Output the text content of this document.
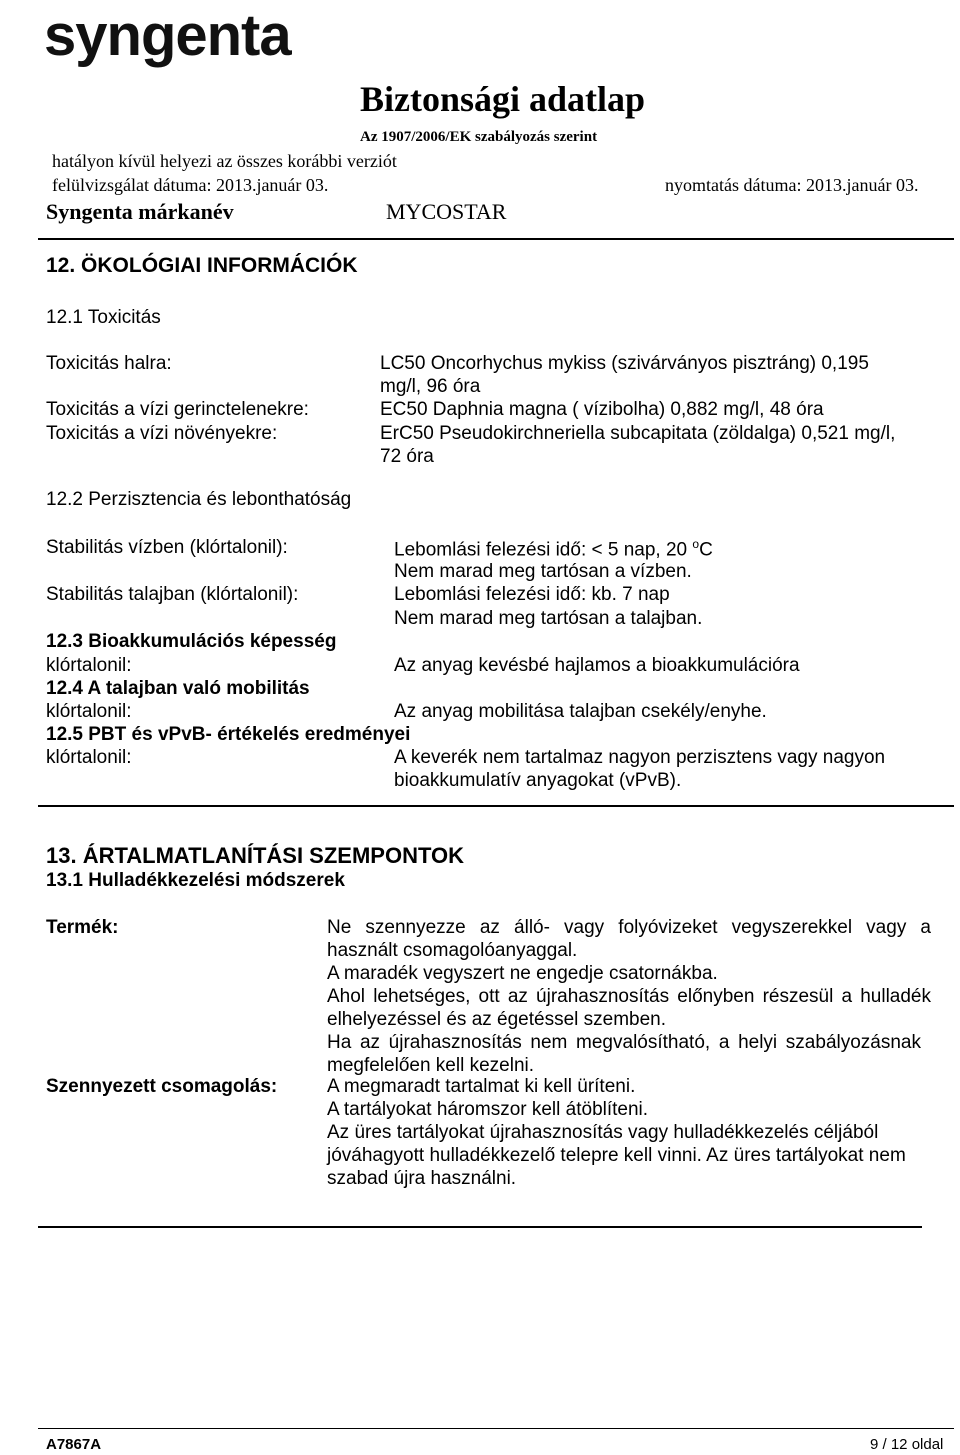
syngenta
Biztonsági adatlap
Az 1907/2006/EK szabályozás szerint
hatályon kívül helyezi az összes korábbi verziót
felülvizsgálat dátuma: 2013.január 03.	nyomtatás dátuma: 2013.január 03.
Syngenta márkanév	MYCOSTAR
12. ÖKOLÓGIAI INFORMÁCIÓK
12.1 Toxicitás
Toxicitás halra:	LC50 Oncorhychus mykiss (szivárványos pisztráng) 0,195
mg/l, 96 óra
Toxicitás a vízi gerinctelenekre:	EC50 Daphnia magna ( vízibolha) 0,882 mg/l, 48 óra
Toxicitás a vízi növényekre:	ErC50 Pseudokirchneriella subcapitata (zöldalga) 0,521 mg/l,
72 óra
12.2 Perzisztencia és lebonthatóság
Stabilitás vízben (klórtalonil):	Lebomlási felezési idő: < 5 nap, 20 $^o$C
Nem marad meg tartósan a vízben.
Stabilitás talajban (klórtalonil):	Lebomlási felezési idő: kb. 7 nap
Nem marad meg tartósan a talajban.
12.3 Bioakkumulációs képesség
klórtalonil:	Az anyag kevésbé hajlamos a bioakkumulációra
12.4 A talajban való mobilitás
klórtalonil:	Az anyag mobilitása talajban csekély/enyhe.
12.5 PBT és vPvB- értékelés eredményei
klórtalonil:	A keverék nem tartalmaz nagyon perzisztens vagy nagyon
bioakkumulatív anyagokat (vPvB).
13. ÁRTALMATLANÍTÁSI SZEMPONTOK
13.1 Hulladékkezelési módszerek
Termék:	Ne szennyezze az álló- vagy folyóvizeket vegyszerekkel vagy a
használt csomagolóanyaggal.
A maradék vegyszert ne engedje csatornákba.
Ahol lehetséges, ott az újrahasznosítás előnyben részesül a hulladék
elhelyezéssel és az égetéssel szemben.
Ha az újrahasznosítás nem megvalósítható, a helyi szabályozásnak
megfelelően kell kezelni.
Szennyezett csomagolás:	A megmaradt tartalmat ki kell üríteni.
A tartályokat háromszor kell átöblíteni.
Az üres tartályokat újrahasznosítás vagy hulladékkezelés céljából
jóváhagyott hulladékkezelő telepre kell vinni. Az üres tartályokat nem
szabad újra használni.
A7867A	9 / 12 oldal
